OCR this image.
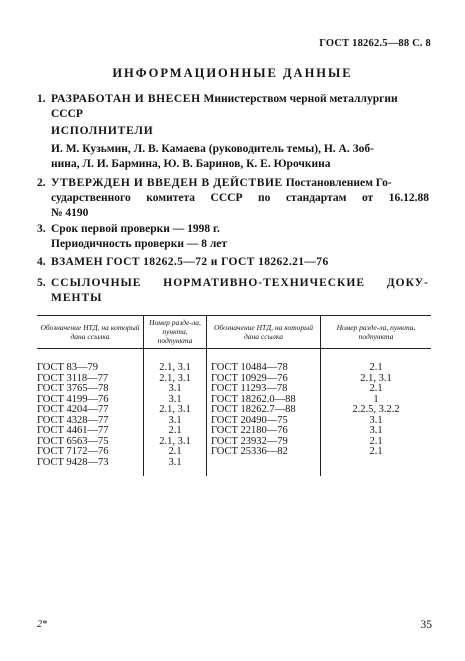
ГОСТ 18262.5—88 С. 8
ИНФОРМАЦИОННЫЕ ДАННЫЕ
1. РАЗРАБОТАН И ВНЕСЕН Министерством черной металлургии
СССР
ИСПОЛНИТЕЛИ
И. М. Кузьмин, Л. В. Камаева (руководитель темы), Н. А. Зоб-
нина, Л. И. Бармина, Ю. В. Баринов, К. Е. Юрочкина
2. УТВЕРЖДЕН И ВВЕДЕН В ДЕЙСТВИЕ Постановлением Го-
сударственного комитета СССР по стандартам от 16.12.88
№ 4190
3. Срок первой проверки — 1998 г.
Периодичность проверки — 8 лет
4. ВЗАМЕН ГОСТ 18262.5—72 и ГОСТ 18262.21—76
5. ССЫЛОЧНЫЕ НОРМАТИВНО-ТЕХНИЧЕСКИЕ ДОКУ-
МЕНТЫ
Обозначение НТД, на который дана ссылка	Номер разде-ла, пункта, подпункта	Обозначение НТД, на который дана ссылка	Номер разде-ла, пункта, подпункта
ГОСТ 83—79	2.1, 3.1	ГОСТ 10484—78	2.1
ГОСТ 3118—77	2.1, 3.1	ГОСТ 10929—76	2.1, 3.1
ГОСТ 3765—78	3.1	ГОСТ 11293—78	2.1
ГОСТ 4199—76	3.1	ГОСТ 18262.0—88	1
ГОСТ 4204—77	2.1, 3.1	ГОСТ 18262.7—88	2.2.5, 3.2.2
ГОСТ 4328—77	3.1	ГОСТ 20490—75	3.1
ГОСТ 4461—77	2.1	ГОСТ 22180—76	3.1
ГОСТ 6563—75	2.1, 3.1	ГОСТ 23932—79	2.1
ГОСТ 7172—76	2.1	ГОСТ 25336—82	2.1
ГОСТ 9428—73	3.1		
2*	35
